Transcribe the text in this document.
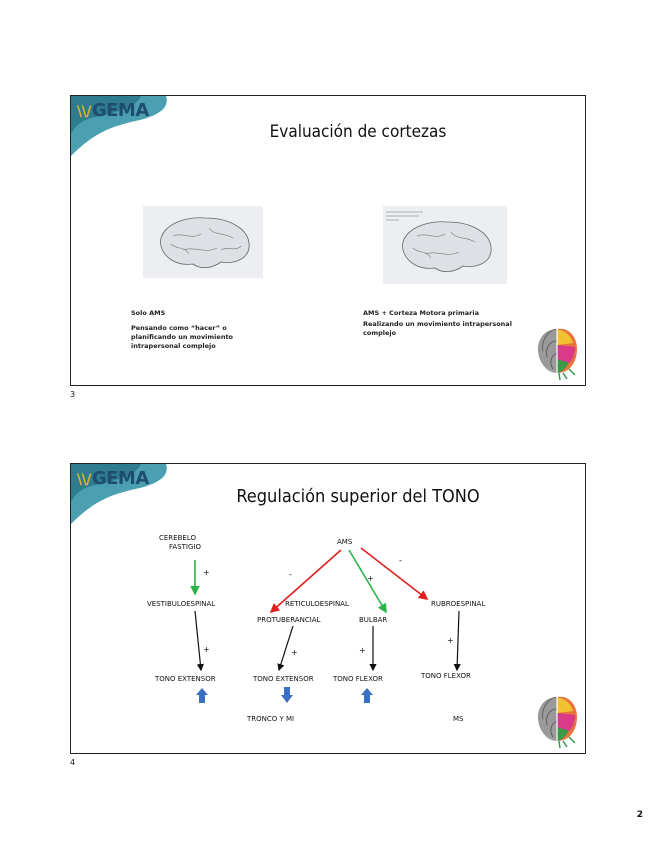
\\/GEMA
Evaluación de cortezas
Solo AMS
Pensando como “hacer” o planificando un movimiento intrapersonal complejo
AMS + Corteza Motora primaria
Realizando un movimiento intrapersonal complejo
3
\\/GEMA
Regulación superior del TONO
CEREBELO
FASTIGIO
AMS
VESTIBULOESPINAL	RETICULOESPINAL
PROTUBERANCIAL	BULBAR
RUBROESPINAL
TONO EXTENSOR	TONO EXTENSOR	TONO FLEXOR	TONO FLEXOR
TRONCO Y MI	MS
+	-	+
-
+	+	+
+
4
2
